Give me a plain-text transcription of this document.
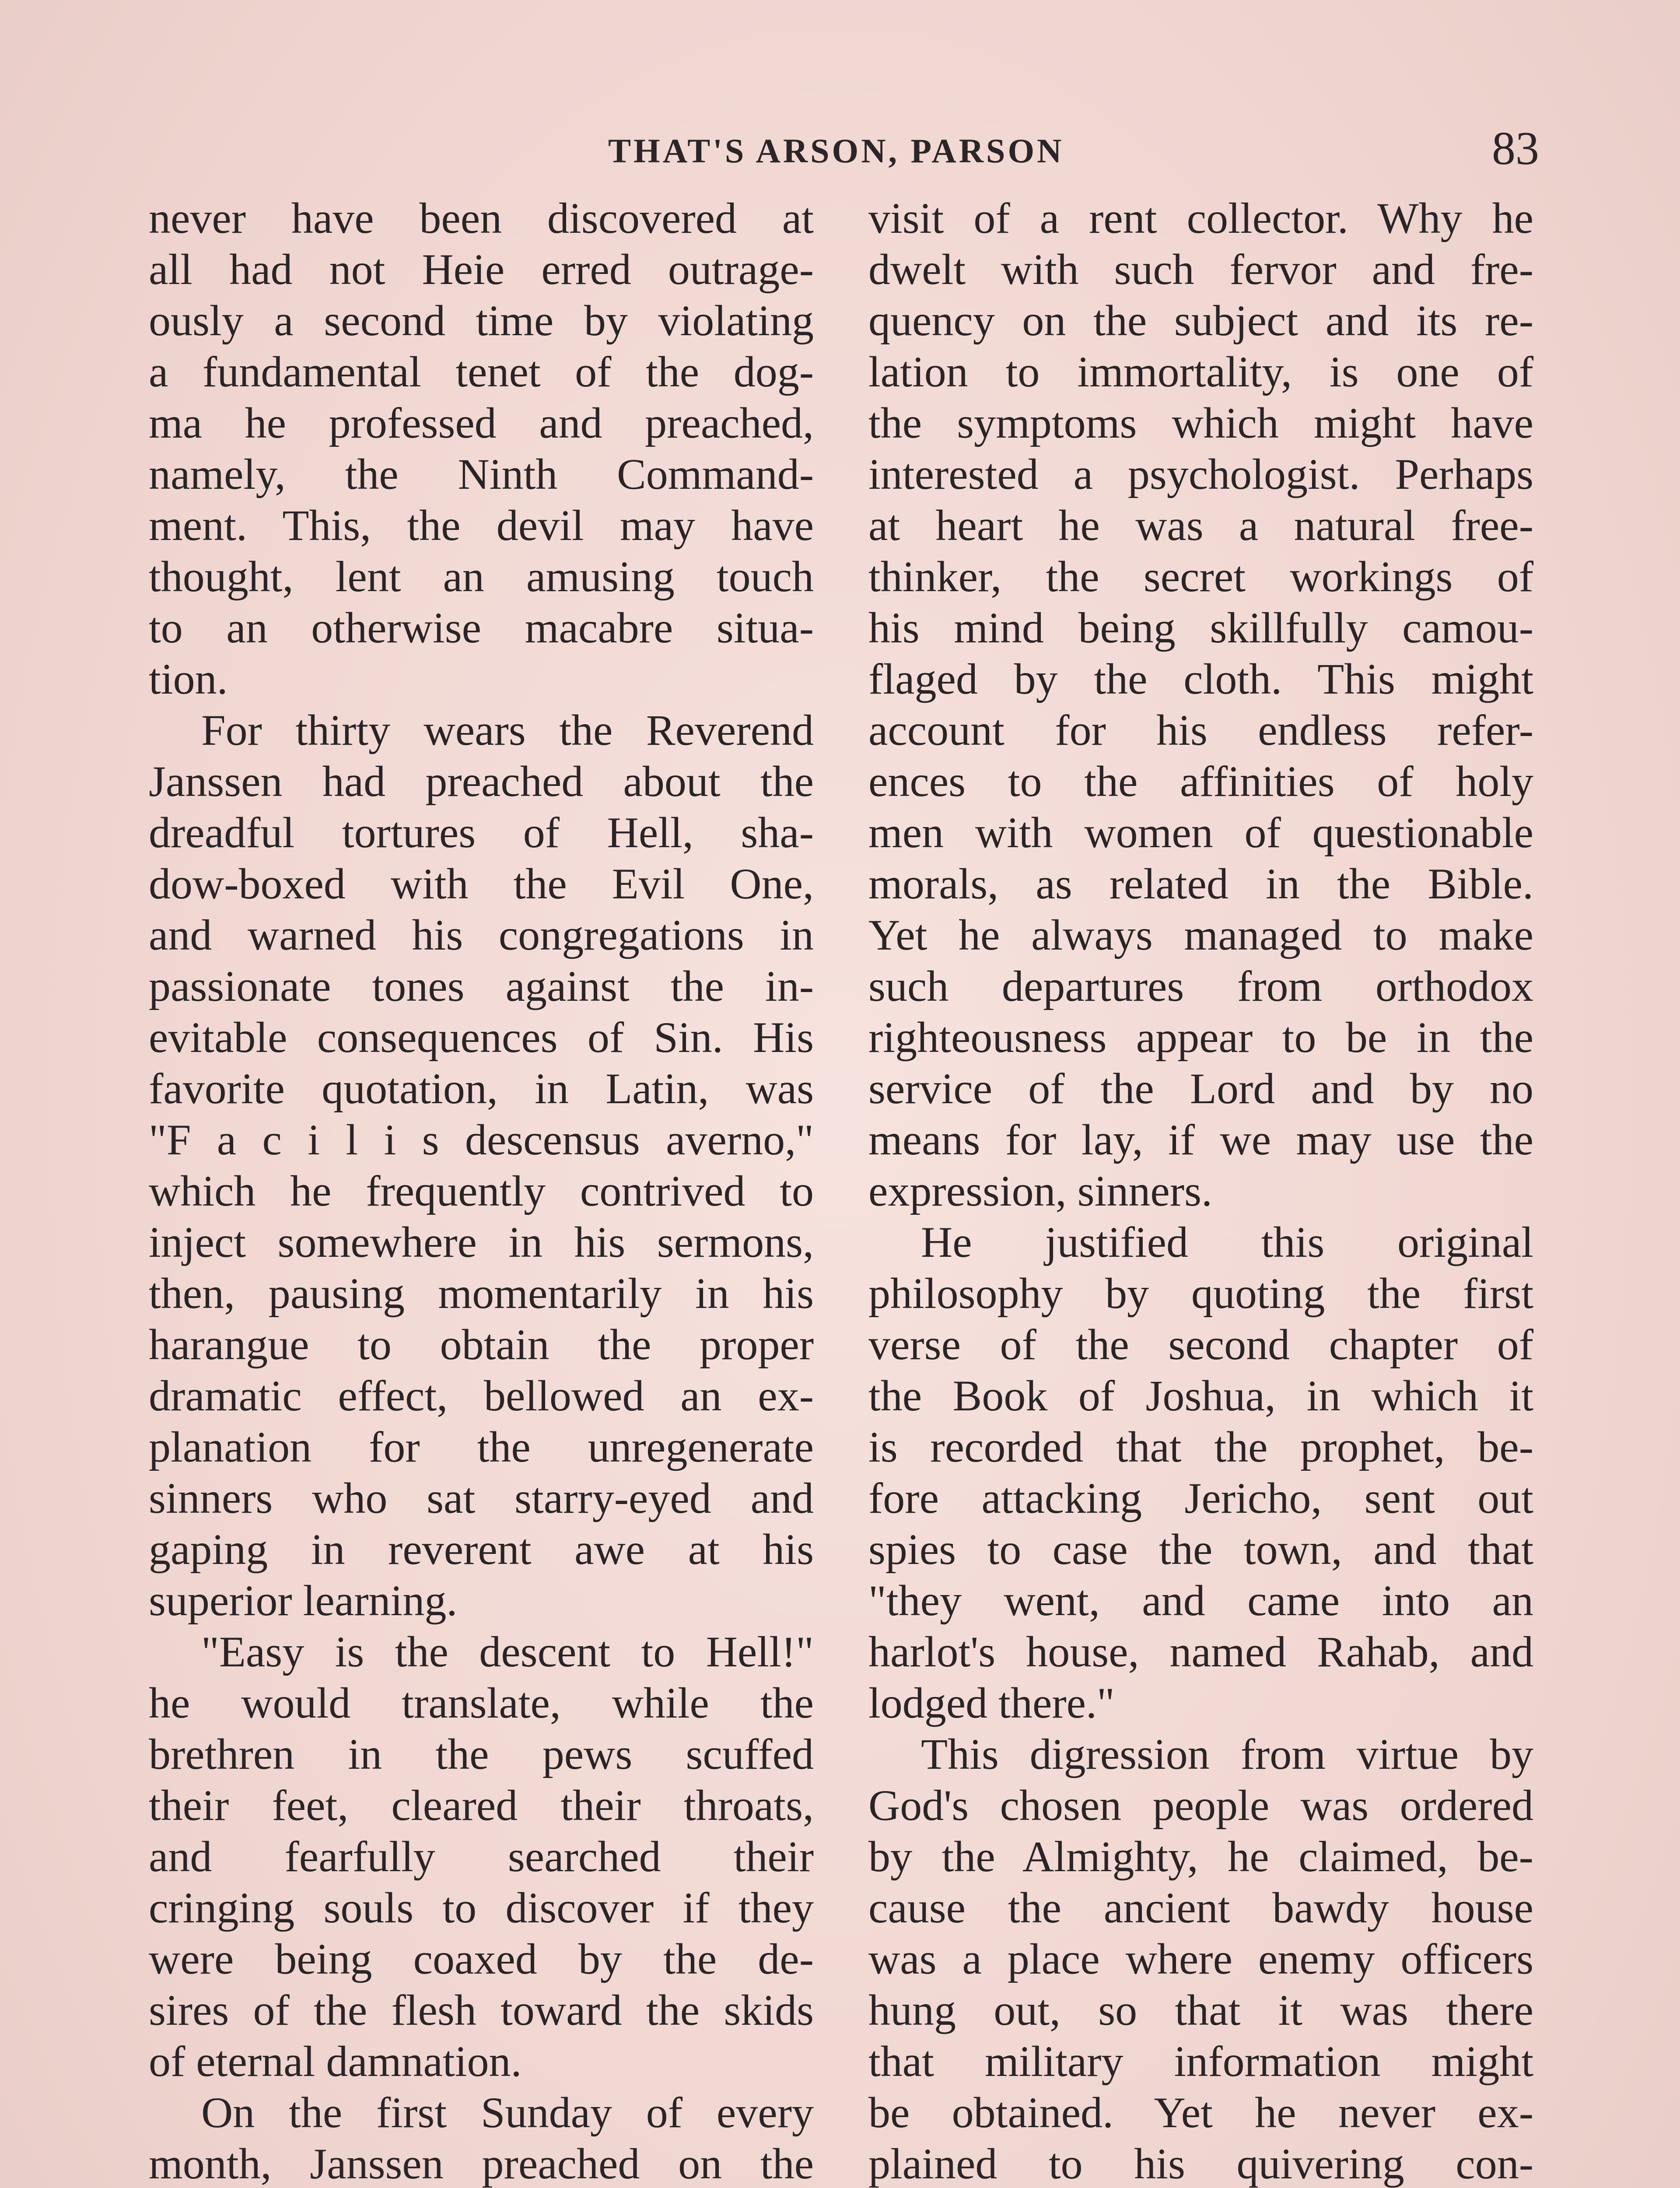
THAT'S ARSON, PARSON	83
never have been discovered at
all had not Heie erred outrage-
ously a second time by violating
a fundamental tenet of the dog-
ma he professed and preached,
namely, the Ninth Command-
ment. This, the devil may have
thought, lent an amusing touch
to an otherwise macabre situa-
tion.
For thirty wears the Reverend
Janssen had preached about the
dreadful tortures of Hell, sha-
dow-boxed with the Evil One,
and warned his congregations in
passionate tones against the in-
evitable consequences of Sin. His
favorite quotation, in Latin, was
"F a c i l i s descensus averno,"
which he frequently contrived to
inject somewhere in his sermons,
then, pausing momentarily in his
harangue to obtain the proper
dramatic effect, bellowed an ex-
planation for the unregenerate
sinners who sat starry-eyed and
gaping in reverent awe at his
superior learning.
"Easy is the descent to Hell!"
he would translate, while the
brethren in the pews scuffed
their feet, cleared their throats,
and fearfully searched their
cringing souls to discover if they
were being coaxed by the de-
sires of the flesh toward the skids
of eternal damnation.
On the first Sunday of every
month, Janssen preached on the
visit of a rent collector. Why he
dwelt with such fervor and fre-
quency on the subject and its re-
lation to immortality, is one of
the symptoms which might have
interested a psychologist. Perhaps
at heart he was a natural free-
thinker, the secret workings of
his mind being skillfully camou-
flaged by the cloth. This might
account for his endless refer-
ences to the affinities of holy
men with women of questionable
morals, as related in the Bible.
Yet he always managed to make
such departures from orthodox
righteousness appear to be in the
service of the Lord and by no
means for lay, if we may use the
expression, sinners.
He justified this original
philosophy by quoting the first
verse of the second chapter of
the Book of Joshua, in which it
is recorded that the prophet, be-
fore attacking Jericho, sent out
spies to case the town, and that
"they went, and came into an
harlot's house, named Rahab, and
lodged there."
This digression from virtue by
God's chosen people was ordered
by the Almighty, he claimed, be-
cause the ancient bawdy house
was a place where enemy officers
hung out, so that it was there
that military information might
be obtained. Yet he never ex-
plained to his quivering con-
